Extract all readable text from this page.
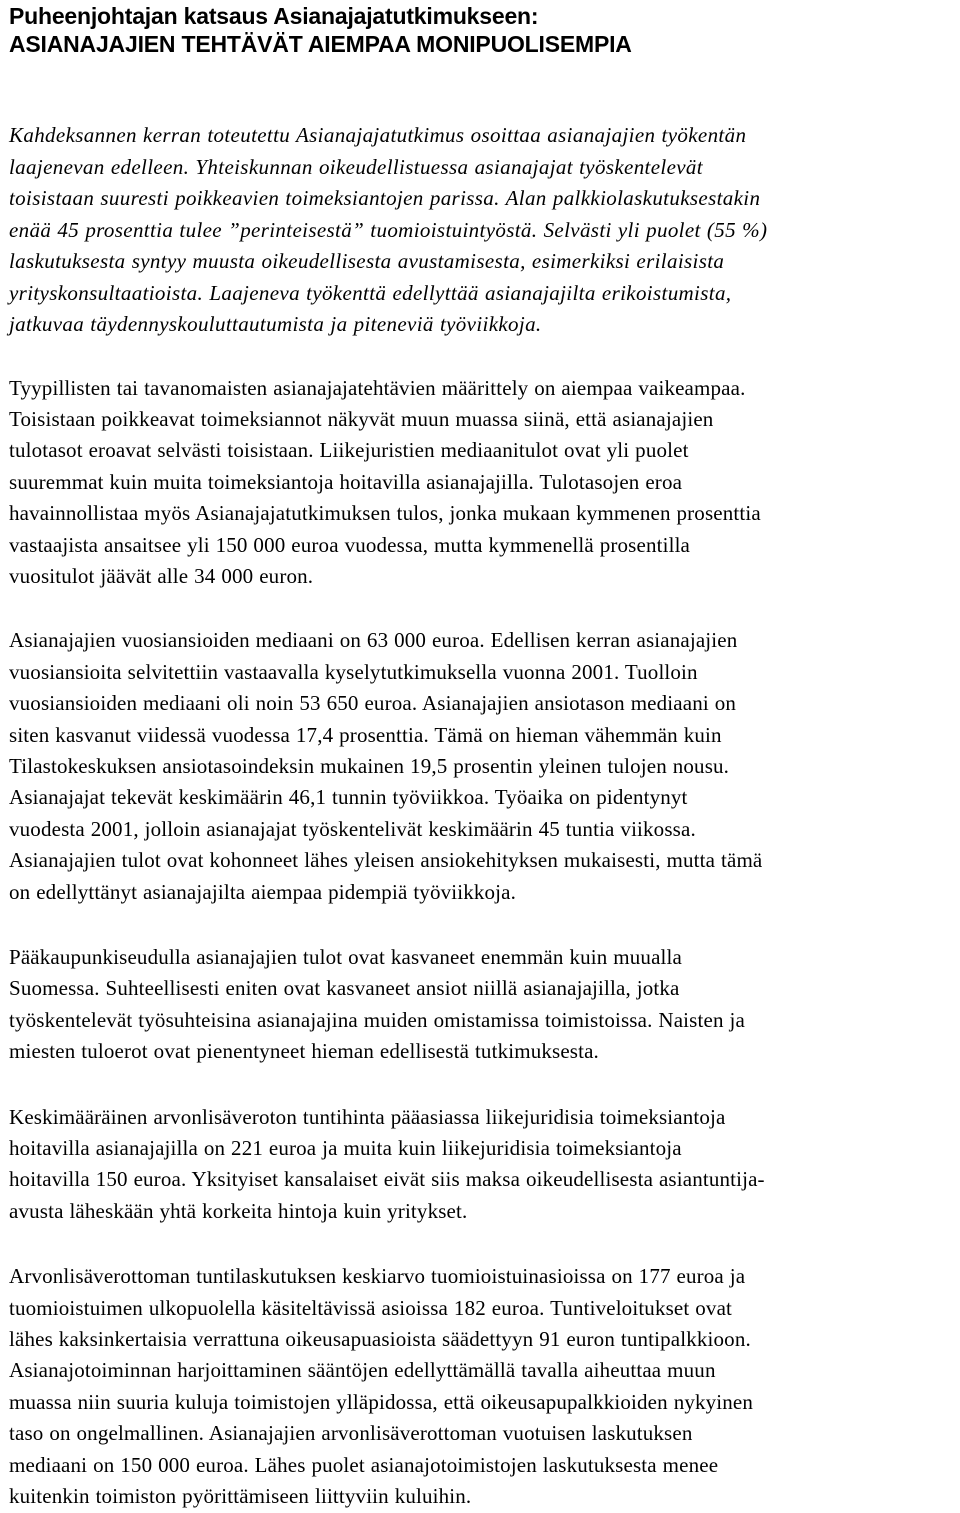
Puheenjohtajan katsaus Asianajajatutkimukseen:
ASIANAJAJIEN TEHTÄVÄT AIEMPAA MONIPUOLISEMPIA

Kahdeksannen kerran toteutettu Asianajajatutkimus osoittaa asianajajien työkentän
laajenevan edelleen. Yhteiskunnan oikeudellistuessa asianajajat työskentelevät
toisistaan suuresti poikkeavien toimeksiantojen parissa. Alan palkkiolaskutuksestakin
enää 45 prosenttia tulee ”perinteisestä” tuomioistuintyöstä. Selvästi yli puolet (55 %)
laskutuksesta syntyy muusta oikeudellisesta avustamisesta, esimerkiksi erilaisista
yrityskonsultaatioista. Laajeneva työkenttä edellyttää asianajajilta erikoistumista,
jatkuvaa täydennyskouluttautumista ja piteneviä työviikkoja.

Tyypillisten tai tavanomaisten asianajajatehtävien määrittely on aiempaa vaikeampaa.
Toisistaan poikkeavat toimeksiannot näkyvät muun muassa siinä, että asianajajien
tulotasot eroavat selvästi toisistaan. Liikejuristien mediaanitulot ovat yli puolet
suuremmat kuin muita toimeksiantoja hoitavilla asianajajilla. Tulotasojen eroa
havainnollistaa myös Asianajajatutkimuksen tulos, jonka mukaan kymmenen prosenttia
vastaajista ansaitsee yli 150 000 euroa vuodessa, mutta kymmenellä prosentilla
vuositulot jäävät alle 34 000 euron.

Asianajajien vuosiansioiden mediaani on 63 000 euroa. Edellisen kerran asianajajien
vuosiansioita selvitettiin vastaavalla kyselytutkimuksella vuonna 2001. Tuolloin
vuosiansioiden mediaani oli noin 53 650 euroa. Asianajajien ansiotason mediaani on
siten kasvanut viidessä vuodessa 17,4 prosenttia. Tämä on hieman vähemmän kuin
Tilastokeskuksen ansiotasoindeksin mukainen 19,5 prosentin yleinen tulojen nousu.
Asianajajat tekevät keskimäärin 46,1 tunnin työviikkoa. Työaika on pidentynyt
vuodesta 2001, jolloin asianajajat työskentelivät keskimäärin 45 tuntia viikossa.
Asianajajien tulot ovat kohonneet lähes yleisen ansiokehityksen mukaisesti, mutta tämä
on edellyttänyt asianajajilta aiempaa pidempiä työviikkoja.

Pääkaupunkiseudulla asianajajien tulot ovat kasvaneet enemmän kuin muualla
Suomessa. Suhteellisesti eniten ovat kasvaneet ansiot niillä asianajajilla, jotka
työskentelevät työsuhteisina asianajajina muiden omistamissa toimistoissa. Naisten ja
miesten tuloerot ovat pienentyneet hieman edellisestä tutkimuksesta.

Keskimääräinen arvonlisäveroton tuntihinta pääasiassa liikejuridisia toimeksiantoja
hoitavilla asianajajilla on 221 euroa ja muita kuin liikejuridisia toimeksiantoja
hoitavilla 150 euroa. Yksityiset kansalaiset eivät siis maksa oikeudellisesta asiantuntija-
avusta läheskään yhtä korkeita hintoja kuin yritykset.

Arvonlisäverottoman tuntilaskutuksen keskiarvo tuomioistuinasioissa on 177 euroa ja
tuomioistuimen ulkopuolella käsiteltävissä asioissa 182 euroa. Tuntiveloitukset ovat
lähes kaksinkertaisia verrattuna oikeusapuasioista säädettyyn 91 euron tuntipalkkioon.
Asianajotoiminnan harjoittaminen sääntöjen edellyttämällä tavalla aiheuttaa muun
muassa niin suuria kuluja toimistojen ylläpidossa, että oikeusapupalkkioiden nykyinen
taso on ongelmallinen. Asianajajien arvonlisäverottoman vuotuisen laskutuksen
mediaani on 150 000 euroa. Lähes puolet asianajotoimistojen laskutuksesta menee
kuitenkin toimiston pyörittämiseen liittyviin kuluihin.
